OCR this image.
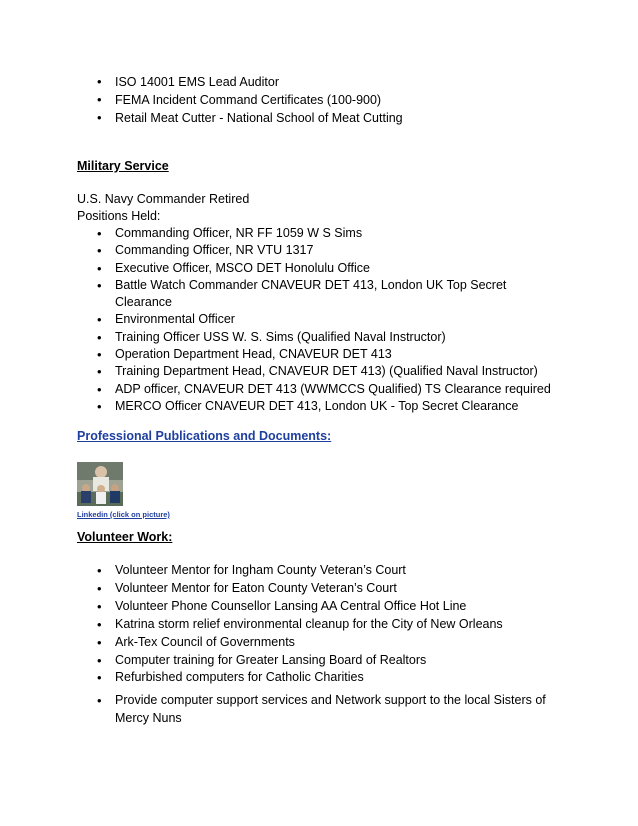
• ISO 14001 EMS Lead Auditor
• FEMA Incident Command Certificates (100-900)
• Retail Meat Cutter - National School of Meat Cutting
Military Service
U.S. Navy Commander Retired
Positions Held:
• Commanding Officer, NR FF 1059 W S Sims
• Commanding Officer, NR VTU 1317
• Executive Officer, MSCO DET Honolulu Office
• Battle Watch Commander CNAVEUR DET 413, London UK Top Secret Clearance
• Environmental Officer
• Training Officer USS W. S. Sims (Qualified Naval Instructor)
• Operation Department Head, CNAVEUR DET 413
• Training Department Head, CNAVEUR DET 413) (Qualified Naval Instructor)
• ADP officer, CNAVEUR DET 413 (WWMCCS Qualified) TS Clearance required
• MERCO Officer CNAVEUR DET 413, London UK - Top Secret Clearance
Professional Publications and Documents:
Linkedin (click on picture)
Volunteer Work:
• Volunteer Mentor for Ingham County Veteran’s Court
• Volunteer Mentor for Eaton County Veteran’s Court
• Volunteer Phone Counsellor Lansing AA Central Office Hot Line
• Katrina storm relief environmental cleanup for the City of New Orleans
• Ark-Tex Council of Governments
• Computer training for Greater Lansing Board of Realtors
• Refurbished computers for Catholic Charities
• Provide computer support services and Network support to the local Sisters of Mercy Nuns
